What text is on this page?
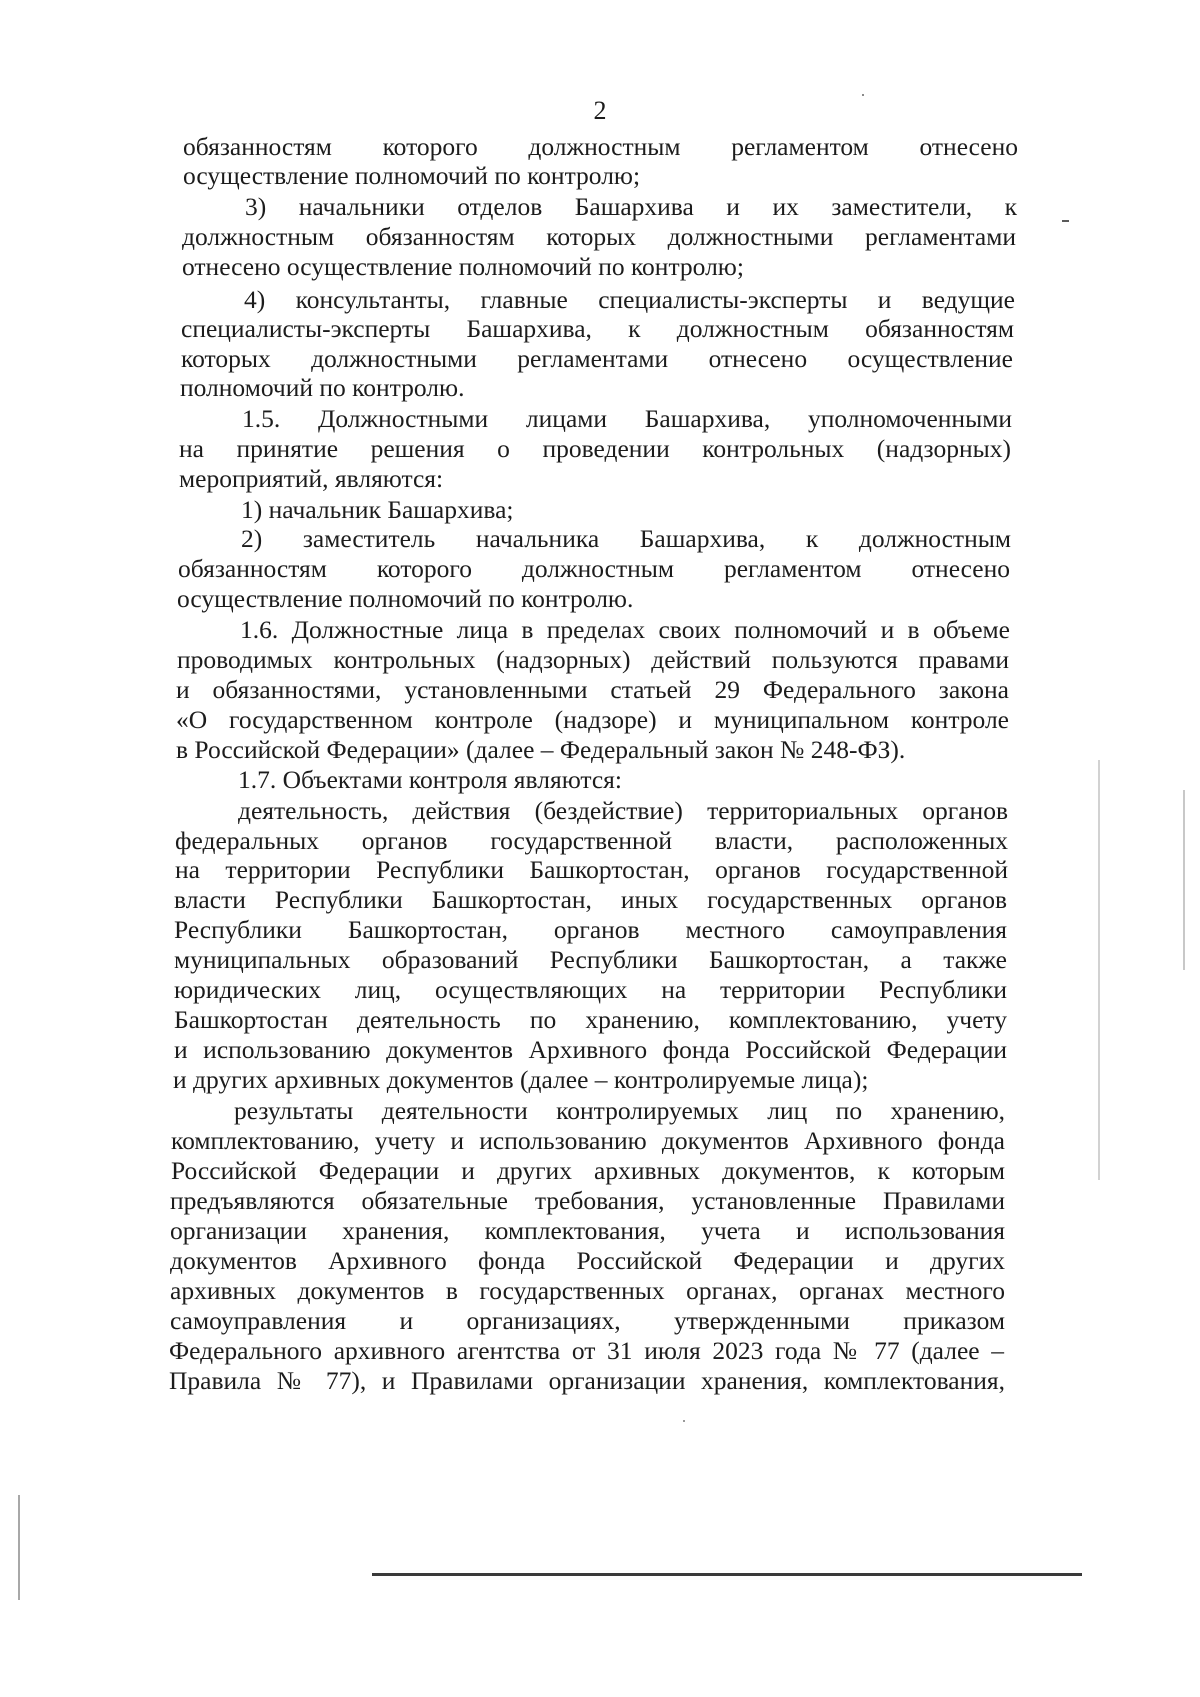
2
обязанностям которого должностным регламентом отнесено
осуществление полномочий по контролю;
3) начальники отделов Башархива и их заместители, к
должностным обязанностям которых должностными регламентами
отнесено осуществление полномочий по контролю;
4) консультанты, главные специалисты-эксперты и ведущие
специалисты-эксперты Башархива, к должностным обязанностям
которых должностными регламентами отнесено осуществление
полномочий по контролю.
1.5. Должностными лицами Башархива, уполномоченными
на принятие решения о проведении контрольных (надзорных)
мероприятий, являются:
1) начальник Башархива;
2) заместитель начальника Башархива, к должностным
обязанностям которого должностным регламентом отнесено
осуществление полномочий по контролю.
1.6. Должностные лица в пределах своих полномочий и в объеме
проводимых контрольных (надзорных) действий пользуются правами
и обязанностями, установленными статьей 29 Федерального закона
«О государственном контроле (надзоре) и муниципальном контроле
в Российской Федерации» (далее – Федеральный закон № 248-ФЗ).
1.7. Объектами контроля являются:
деятельность, действия (бездействие) территориальных органов
федеральных органов государственной власти, расположенных
на территории Республики Башкортостан, органов государственной
власти Республики Башкортостан, иных государственных органов
Республики Башкортостан, органов местного самоуправления
муниципальных образований Республики Башкортостан, а также
юридических лиц, осуществляющих на территории Республики
Башкортостан деятельность по хранению, комплектованию, учету
и использованию документов Архивного фонда Российской Федерации
и других архивных документов (далее – контролируемые лица);
результаты деятельности контролируемых лиц по хранению,
комплектованию, учету и использованию документов Архивного фонда
Российской Федерации и других архивных документов, к которым
предъявляются обязательные требования, установленные Правилами
организации хранения, комплектования, учета и использования
документов Архивного фонда Российской Федерации и других
архивных документов в государственных органах, органах местного
самоуправления и организациях, утвержденными приказом
Федерального архивного агентства от 31 июля 2023 года № 77 (далее –
Правила № 77), и Правилами организации хранения, комплектования,
